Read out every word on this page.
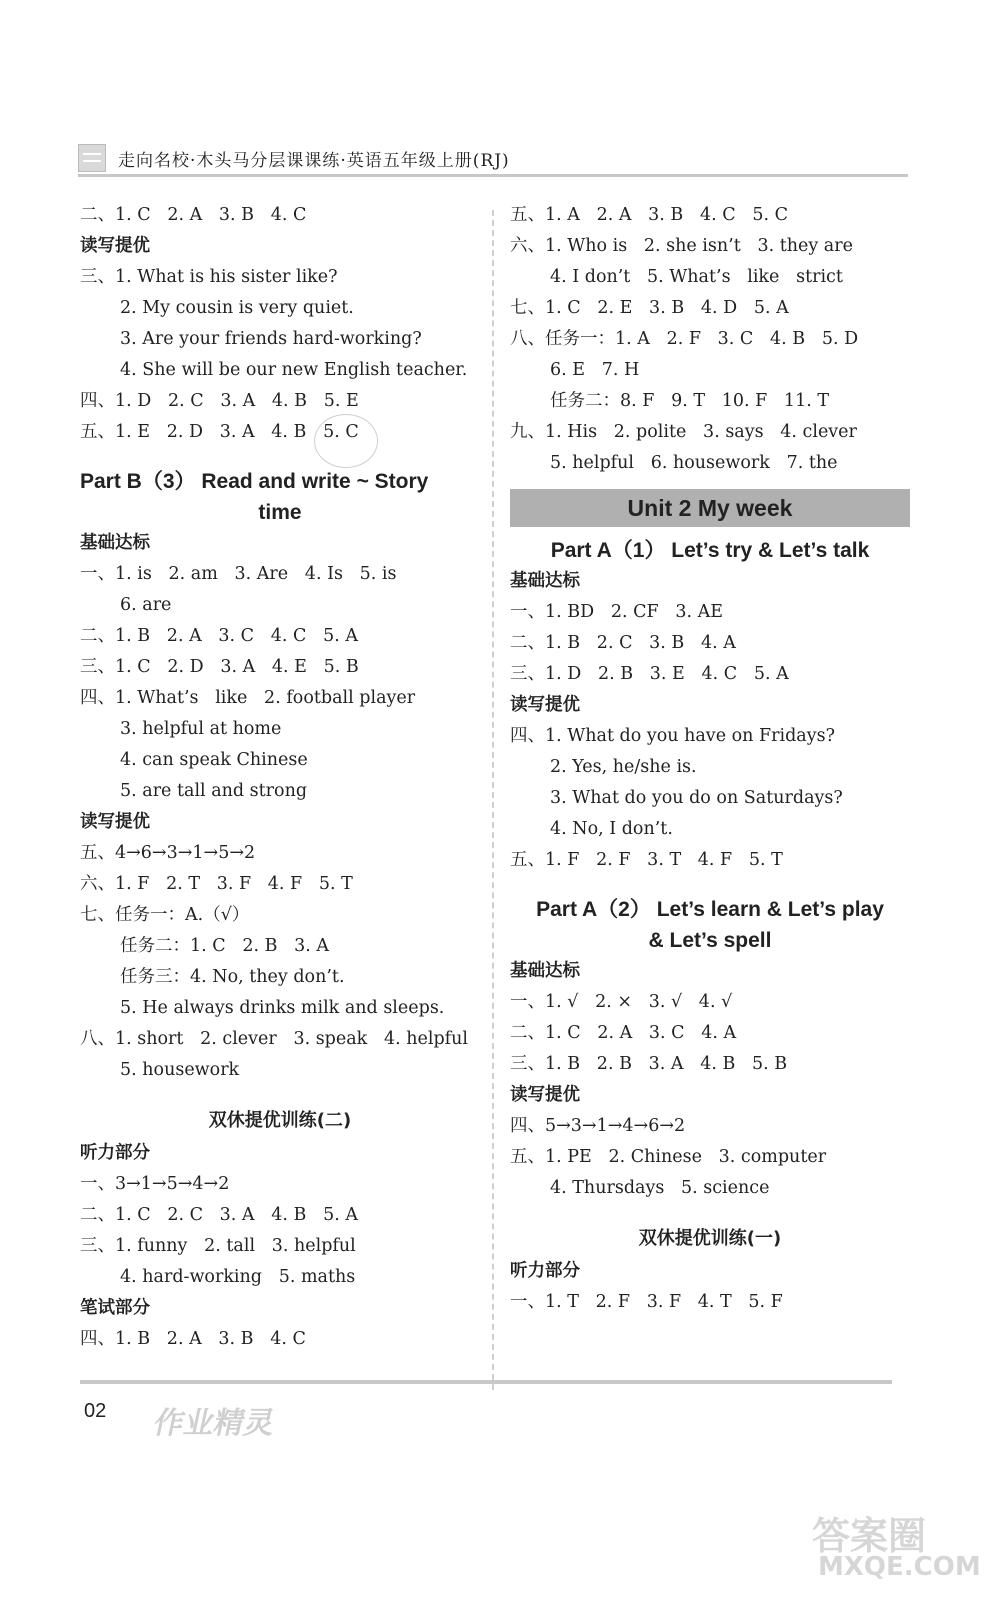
走向名校·木头马分层课课练·英语五年级上册(RJ)
二、1. C   2. A   3. B   4. C
读写提优
三、1. What is his sister like?
2. My cousin is very quiet.
3. Are your friends hard-working?
4. She will be our new English teacher.
四、1. D   2. C   3. A   4. B   5. E
五、1. E   2. D   3. A   4. B   5. C
Part B（3） Read and write ~ Story
time
基础达标
一、1. is   2. am   3. Are   4. Is   5. is
6. are
二、1. B   2. A   3. C   4. C   5. A
三、1. C   2. D   3. A   4. E   5. B
四、1. What’s   like   2. football player
3. helpful at home
4. can speak Chinese
5. are tall and strong
读写提优
五、4→6→3→1→5→2
六、1. F   2. T   3. F   4. F   5. T
七、任务一：A.（√）
任务二：1. C   2. B   3. A
任务三：4. No, they don’t.
5. He always drinks milk and sleeps.
八、1. short   2. clever   3. speak   4. helpful
5. housework
双休提优训练(二)
听力部分
一、3→1→5→4→2
二、1. C   2. C   3. A   4. B   5. A
三、1. funny   2. tall   3. helpful
4. hard-working   5. maths
笔试部分
四、1. B   2. A   3. B   4. C
五、1. A   2. A   3. B   4. C   5. C
六、1. Who is   2. she isn’t   3. they are
4. I don’t   5. What’s   like   strict
七、1. C   2. E   3. B   4. D   5. A
八、任务一：1. A   2. F   3. C   4. B   5. D
6. E   7. H
任务二：8. F   9. T   10. F   11. T
九、1. His   2. polite   3. says   4. clever
5. helpful   6. housework   7. the
Unit 2 My week
Part A（1） Let’s try & Let’s talk
基础达标
一、1. BD   2. CF   3. AE
二、1. B   2. C   3. B   4. A
三、1. D   2. B   3. E   4. C   5. A
读写提优
四、1. What do you have on Fridays?
2. Yes, he/she is.
3. What do you do on Saturdays?
4. No, I don’t.
五、1. F   2. F   3. T   4. F   5. T
Part A（2） Let’s learn & Let’s play
& Let’s spell
基础达标
一、1. √   2. ×   3. √   4. √
二、1. C   2. A   3. C   4. A
三、1. B   2. B   3. A   4. B   5. B
读写提优
四、5→3→1→4→6→2
五、1. PE   2. Chinese   3. computer
4. Thursdays   5. science
双休提优训练(一)
听力部分
一、1. T   2. F   3. F   4. T   5. F
02 作业精灵
答案圈
MXQE.COM
